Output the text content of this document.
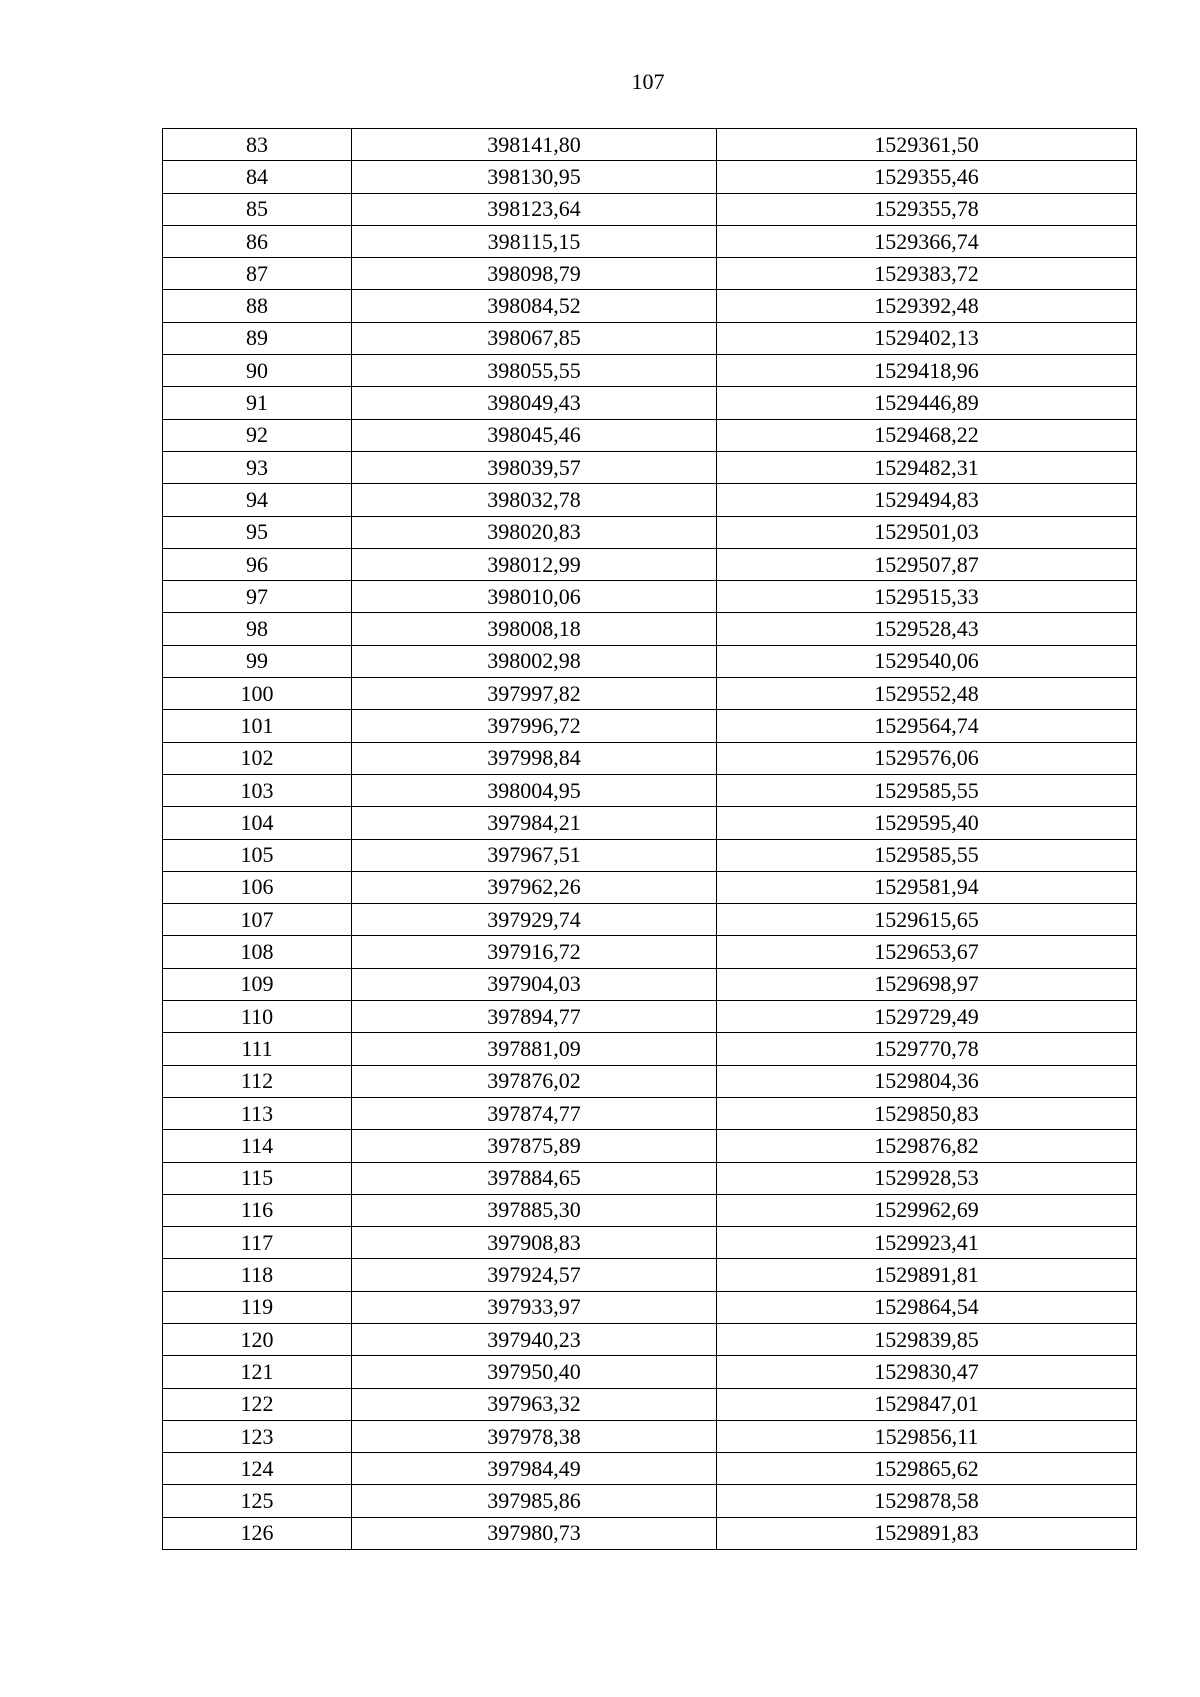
107
83	398141,80	1529361,50
84	398130,95	1529355,46
85	398123,64	1529355,78
86	398115,15	1529366,74
87	398098,79	1529383,72
88	398084,52	1529392,48
89	398067,85	1529402,13
90	398055,55	1529418,96
91	398049,43	1529446,89
92	398045,46	1529468,22
93	398039,57	1529482,31
94	398032,78	1529494,83
95	398020,83	1529501,03
96	398012,99	1529507,87
97	398010,06	1529515,33
98	398008,18	1529528,43
99	398002,98	1529540,06
100	397997,82	1529552,48
101	397996,72	1529564,74
102	397998,84	1529576,06
103	398004,95	1529585,55
104	397984,21	1529595,40
105	397967,51	1529585,55
106	397962,26	1529581,94
107	397929,74	1529615,65
108	397916,72	1529653,67
109	397904,03	1529698,97
110	397894,77	1529729,49
111	397881,09	1529770,78
112	397876,02	1529804,36
113	397874,77	1529850,83
114	397875,89	1529876,82
115	397884,65	1529928,53
116	397885,30	1529962,69
117	397908,83	1529923,41
118	397924,57	1529891,81
119	397933,97	1529864,54
120	397940,23	1529839,85
121	397950,40	1529830,47
122	397963,32	1529847,01
123	397978,38	1529856,11
124	397984,49	1529865,62
125	397985,86	1529878,58
126	397980,73	1529891,83
